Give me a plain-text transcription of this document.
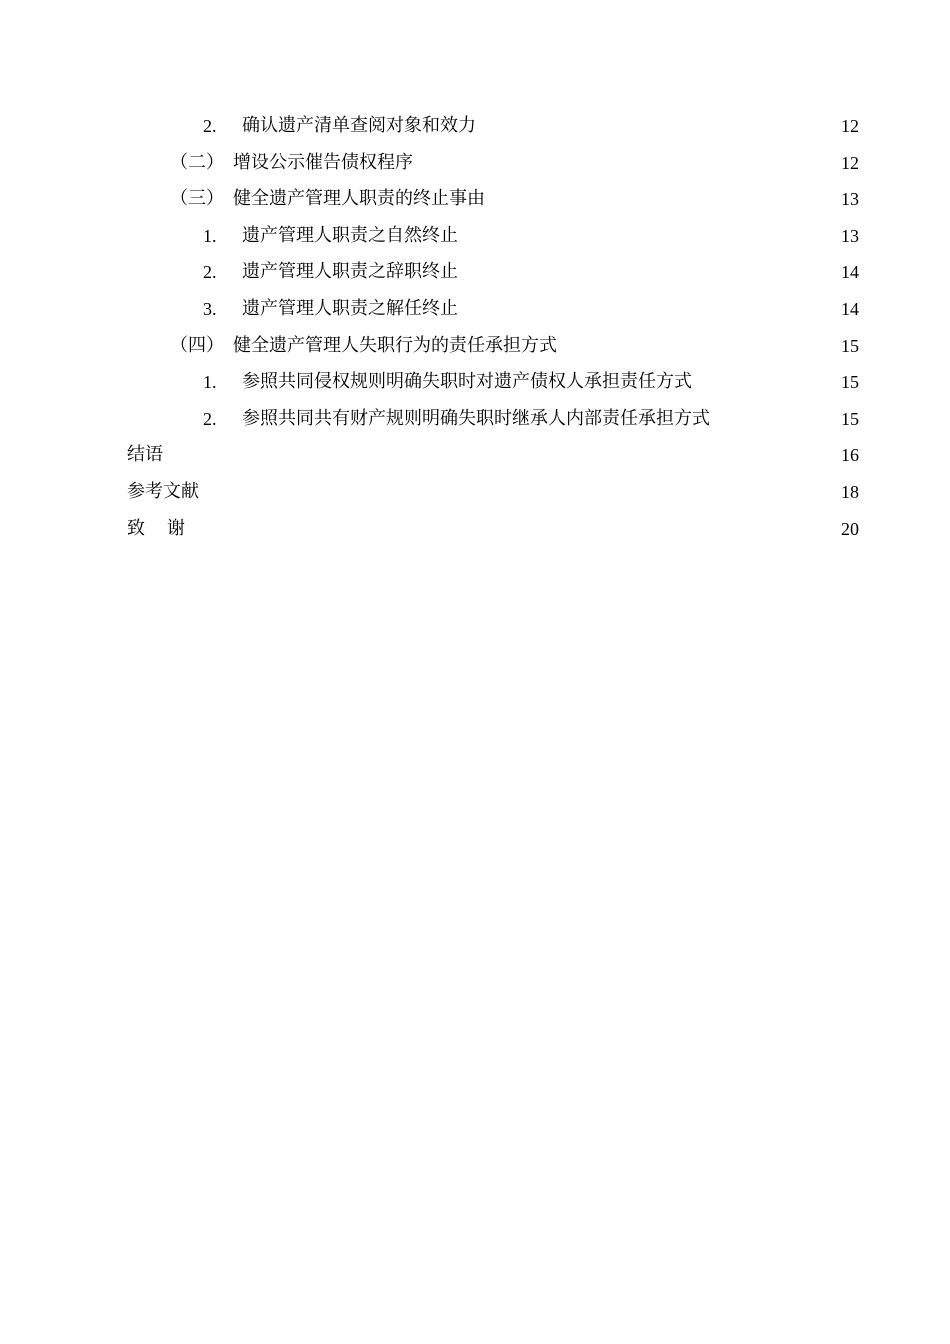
2. 确认遗产清单查阅对象和效力	12
（二） 增设公示催告债权程序	12
（三） 健全遗产管理人职责的终止事由	13
1. 遗产管理人职责之自然终止	13
2. 遗产管理人职责之辞职终止	14
3. 遗产管理人职责之解任终止	14
（四） 健全遗产管理人失职行为的责任承担方式	15
1. 参照共同侵权规则明确失职时对遗产债权人承担责任方式	15
2. 参照共同共有财产规则明确失职时继承人内部责任承担方式	15
结语	16
参考文献	18
致谢	20
